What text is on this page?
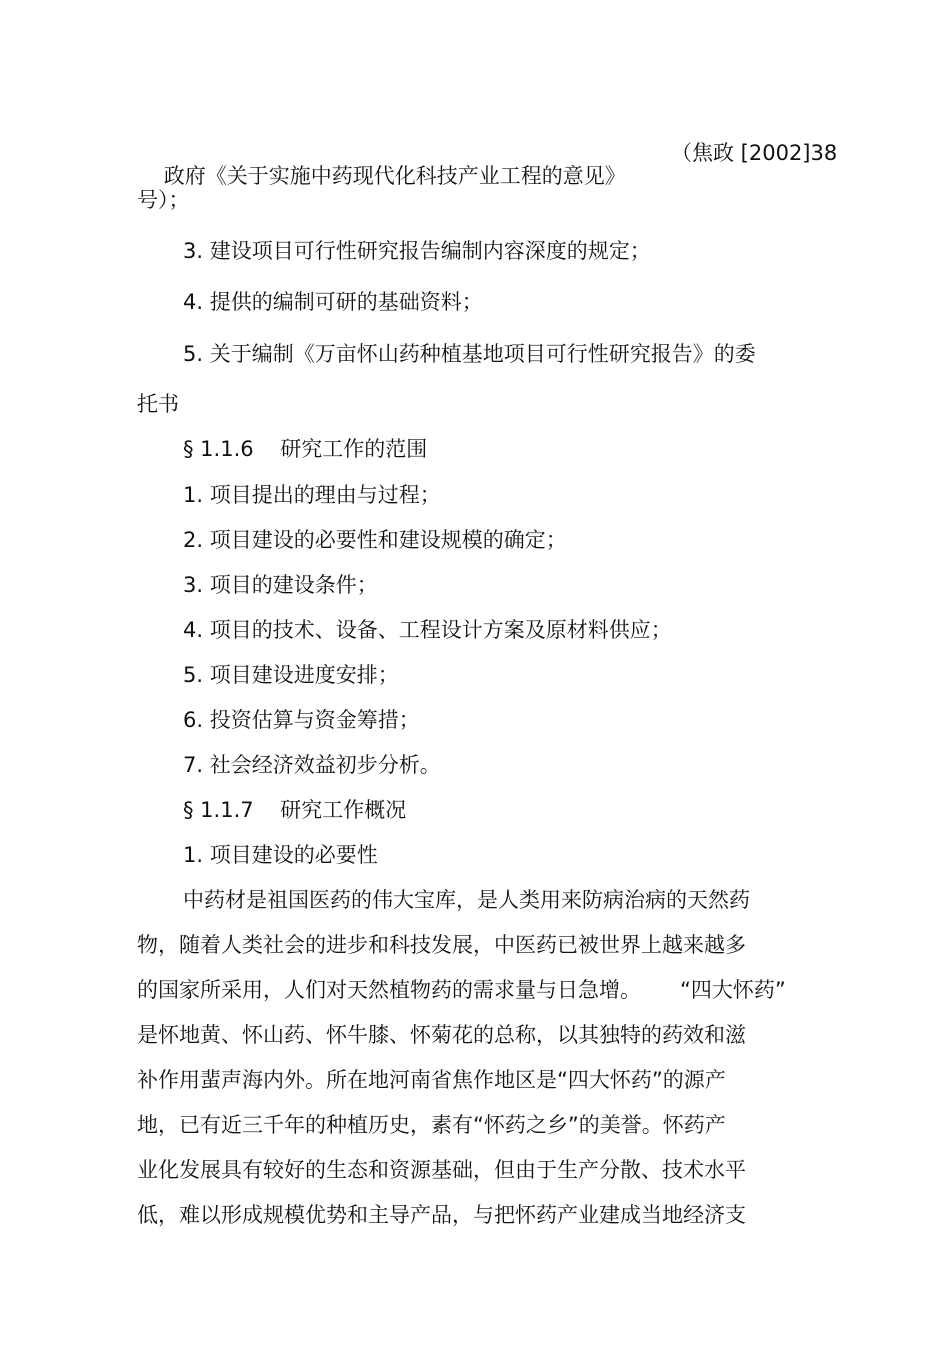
政府《关于实施中药现代化科技产业工程的意见》

（焦政 [2002]38
号）；
3. 建设项目可行性研究报告编制内容深度的规定；
4. 提供的编制可研的基础资料；
5. 关于编制《万亩怀山药种植基地项目可行性研究报告》的委
托书
§ 1.1.6    研究工作的范围
1. 项目提出的理由与过程；
2. 项目建设的必要性和建设规模的确定；
3. 项目的建设条件；
4. 项目的技术、设备、工程设计方案及原材料供应；
5. 项目建设进度安排；
6. 投资估算与资金筹措；
7. 社会经济效益初步分析。
§ 1.1.7    研究工作概况
1. 项目建设的必要性
中药材是祖国医药的伟大宝库，是人类用来防病治病的天然药
物，随着人类社会的进步和科技发展，中医药已被世界上越来越多
的国家所采用，人们对天然植物药的需求量与日急增。 “四大怀药”
是怀地黄、怀山药、怀牛膝、怀菊花的总称，以其独特的药效和滋
补作用蜚声海内外。所在地河南省焦作地区是“四大怀药”的源产
地，已有近三千年的种植历史，素有“怀药之乡”的美誉。怀药产
业化发展具有较好的生态和资源基础，但由于生产分散、技术水平
低，难以形成规模优势和主导产品，与把怀药产业建成当地经济支
